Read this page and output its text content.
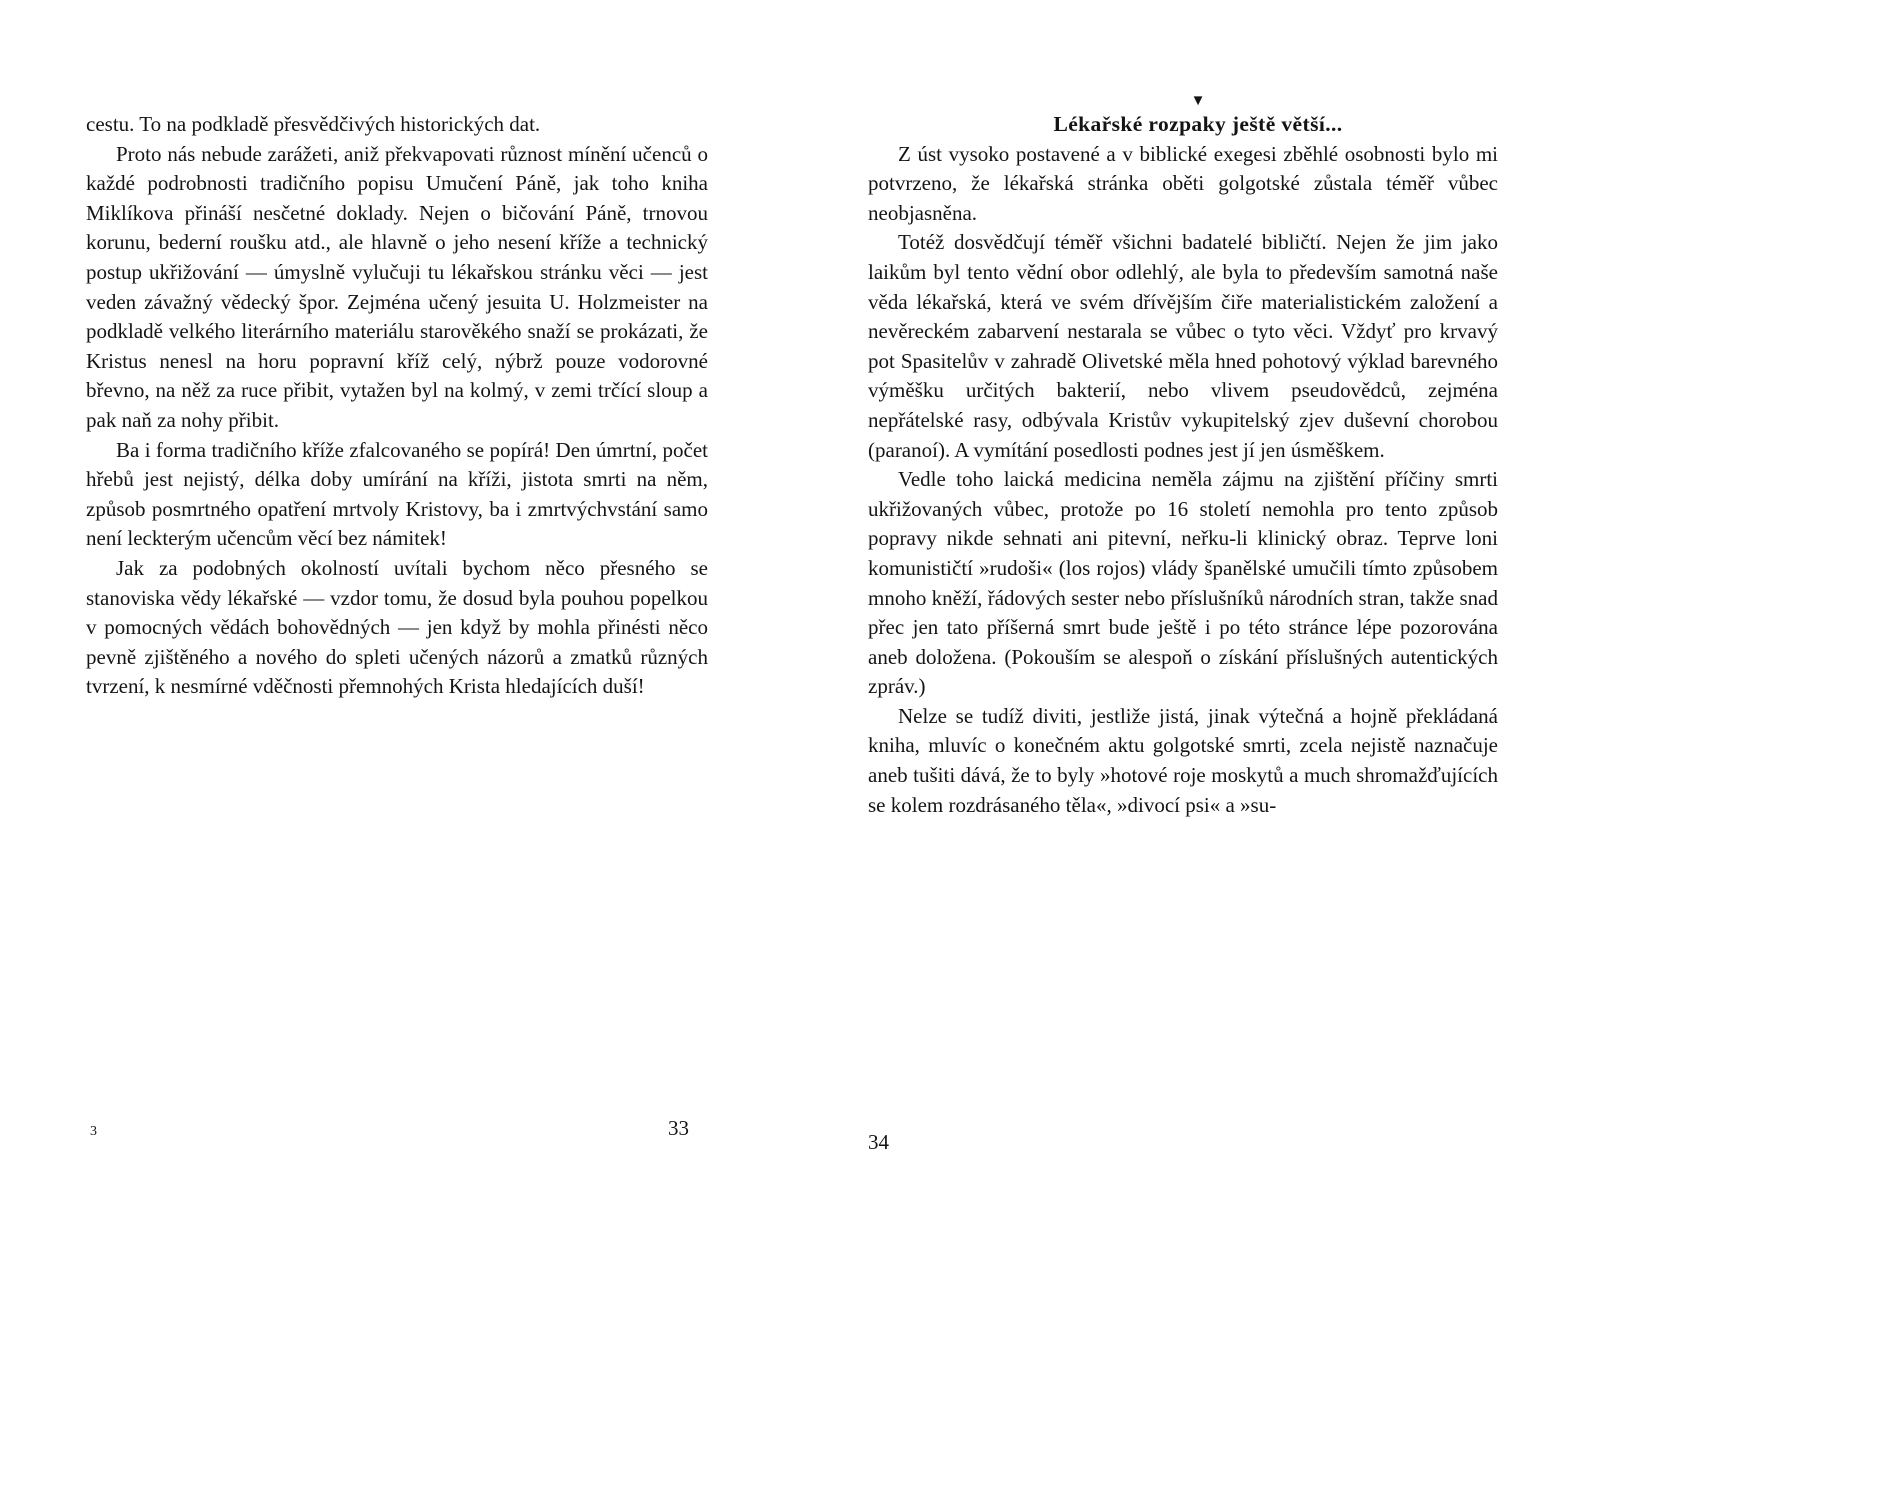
cestu. To na podkladě přesvědčivých historických dat.

Proto nás nebude zarážeti, aniž překvapovati různost mínění učenců o každé podrobnosti tradičního popisu Umučení Páně, jak toho kniha Miklíkova přináší nesčetné doklady. Nejen o bičování Páně, trnovou korunu, bederní roušku atd., ale hlavně o jeho nesení kříže a technický postup ukřižování — úmyslně vylučuji tu lékařskou stránku věci — jest veden závažný vědecký špor. Zejména učený jesuita U. Holzmeister na podkladě velkého literárního materiálu starověkého snaží se prokázati, že Kristus nenesl na horu popravní kříž celý, nýbrž pouze vodorovné břevno, na něž za ruce přibit, vytažen byl na kolmý, v zemi trčící sloup a pak naň za nohy přibit.

Ba i forma tradičního kříže zfalcovaného se popírá! Den úmrtní, počet hřebů jest nejistý, délka doby umírání na kříži, jistota smrti na něm, způsob posmrtného opatření mrtvoly Kristovy, ba i zmrtvýchvstání samo není leckterým učencům věcí bez námitek!

Jak za podobných okolností uvítali bychom něco přesného se stanoviska vědy lékařské — vzdor tomu, že dosud byla pouhou popelkou v pomocných vědách bohovědných — jen když by mohla přinésti něco pevně zjištěného a nového do spleti učených názorů a zmatků různých tvrzení, k nesmírné vděčnosti přemnohých Krista hledajících duší!

▼

Lékařské rozpaky ještě větší...

Z úst vysoko postavené a v biblické exegesi zběhlé osobnosti bylo mi potvrzeno, že lékařská stránka oběti golgotské zůstala téměř vůbec neobjasněna.

Totéž dosvědčují téměř všichni badatelé bibličtí. Nejen že jim jako laikům byl tento vědní obor odlehlý, ale byla to především samotná naše věda lékařská, která ve svém dřívějším čiře materialistickém založení a nevěreckém zabarvení nestarala se vůbec o tyto věci. Vždyť pro krvavý pot Spasitelův v zahradě Olivetské měla hned pohotový výklad barevného výměšku určitých bakterií, nebo vlivem pseudovědců, zejména nepřátelské rasy, odbývala Kristův vykupitelský zjev duševní chorobou (paranoí). A vymítání posedlosti podnes jest jí jen úsměškem.

Vedle toho laická medicina neměla zájmu na zjištění příčiny smrti ukřižovaných vůbec, protože po 16 století nemohla pro tento způsob popravy nikde sehnati ani pitevní, neřku-li klinický obraz. Teprve loni komunističtí »rudoši« (los rojos) vlády španělské umučili tímto způsobem mnoho kněží, řádových sester nebo příslušníků národních stran, takže snad přec jen tato příšerná smrt bude ještě i po této stránce lépe pozorována aneb doložena. (Pokouším se alespoň o získání příslušných autentických zpráv.)

Nelze se tudíž diviti, jestliže jistá, jinak výtečná a hojně překládaná kniha, mluvíc o konečném aktu golgotské smrti, zcela nejistě naznačuje aneb tušiti dává, že to byly »hotové roje moskytů a much shromažďujících se kolem rozdrásaného těla«, »divocí psi« a »su-

3	33
34
